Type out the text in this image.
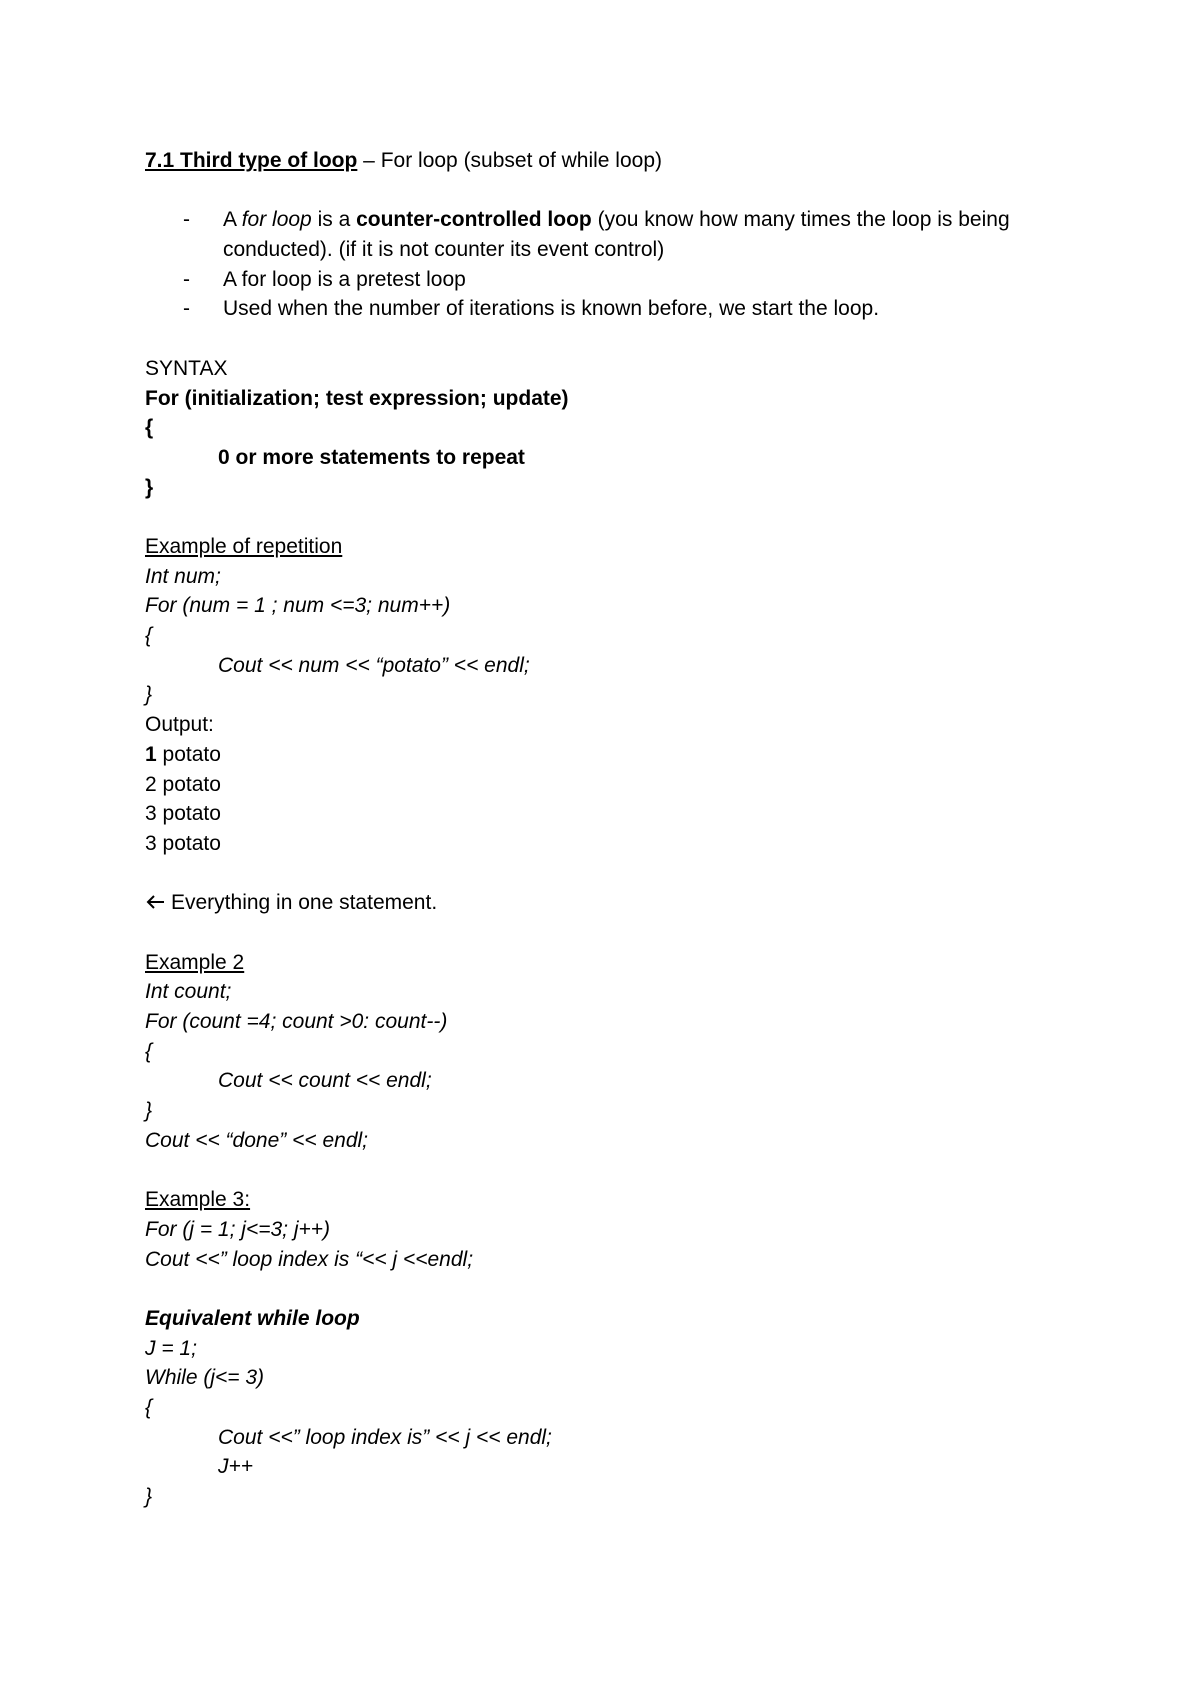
7.1 Third type of loop – For loop (subset of while loop)
-	A for loop is a counter-controlled loop (you know how many times the loop is being conducted). (if it is not counter its event control)
-	A for loop is a pretest loop
-	Used when the number of iterations is known before, we start the loop.
SYNTAX
For (initialization; test expression; update)
{
0 or more statements to repeat
}
Example of repetition
Int num;
For (num = 1 ; num <=3; num++)
{
Cout << num << “potato” << endl;
}
Output:
1 potato
2 potato
3 potato
3 potato
Everything in one statement.
Example 2
Int count;
For (count =4; count >0: count--)
{
Cout << count << endl;
}
Cout << “done” << endl;
Example 3:
For (j = 1; j<=3; j++)
Cout <<” loop index is “<< j <<endl;
Equivalent while loop
J = 1;
While (j<= 3)
{
Cout <<” loop index is” << j << endl;
J++
}
